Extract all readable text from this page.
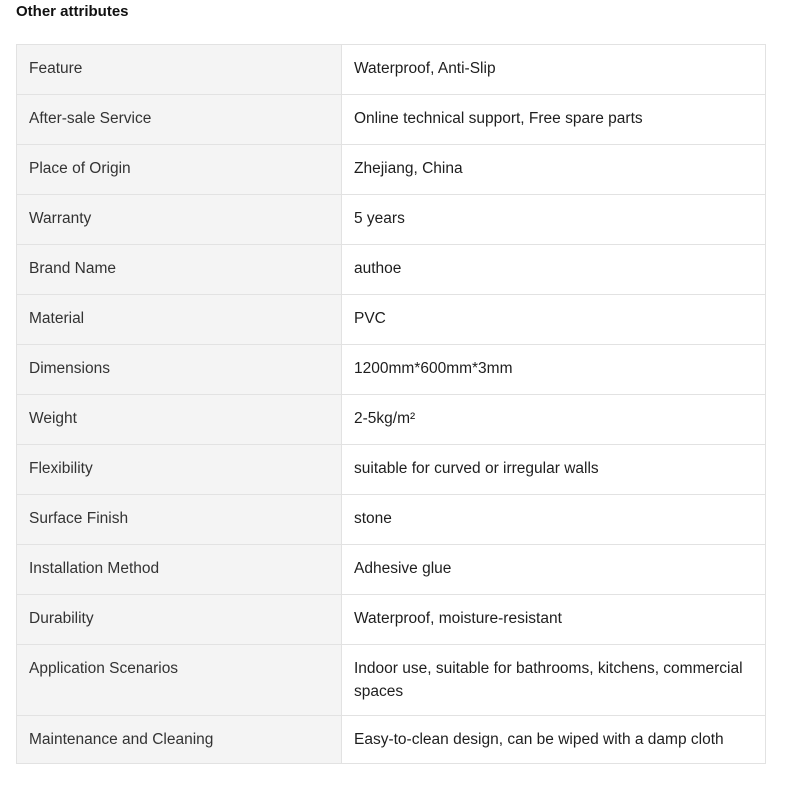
Other attributes
Feature	Waterproof, Anti-Slip
After-sale Service	Online technical support, Free spare parts
Place of Origin	Zhejiang, China
Warranty	5 years
Brand Name	authoe
Material	PVC
Dimensions	1200mm*600mm*3mm
Weight	2-5kg/m²
Flexibility	suitable for curved or irregular walls
Surface Finish	stone
Installation Method	Adhesive glue
Durability	Waterproof, moisture-resistant
Application Scenarios	Indoor use, suitable for bathrooms, kitchens, commercial spaces
Maintenance and Cleaning	Easy-to-clean design, can be wiped with a damp cloth
